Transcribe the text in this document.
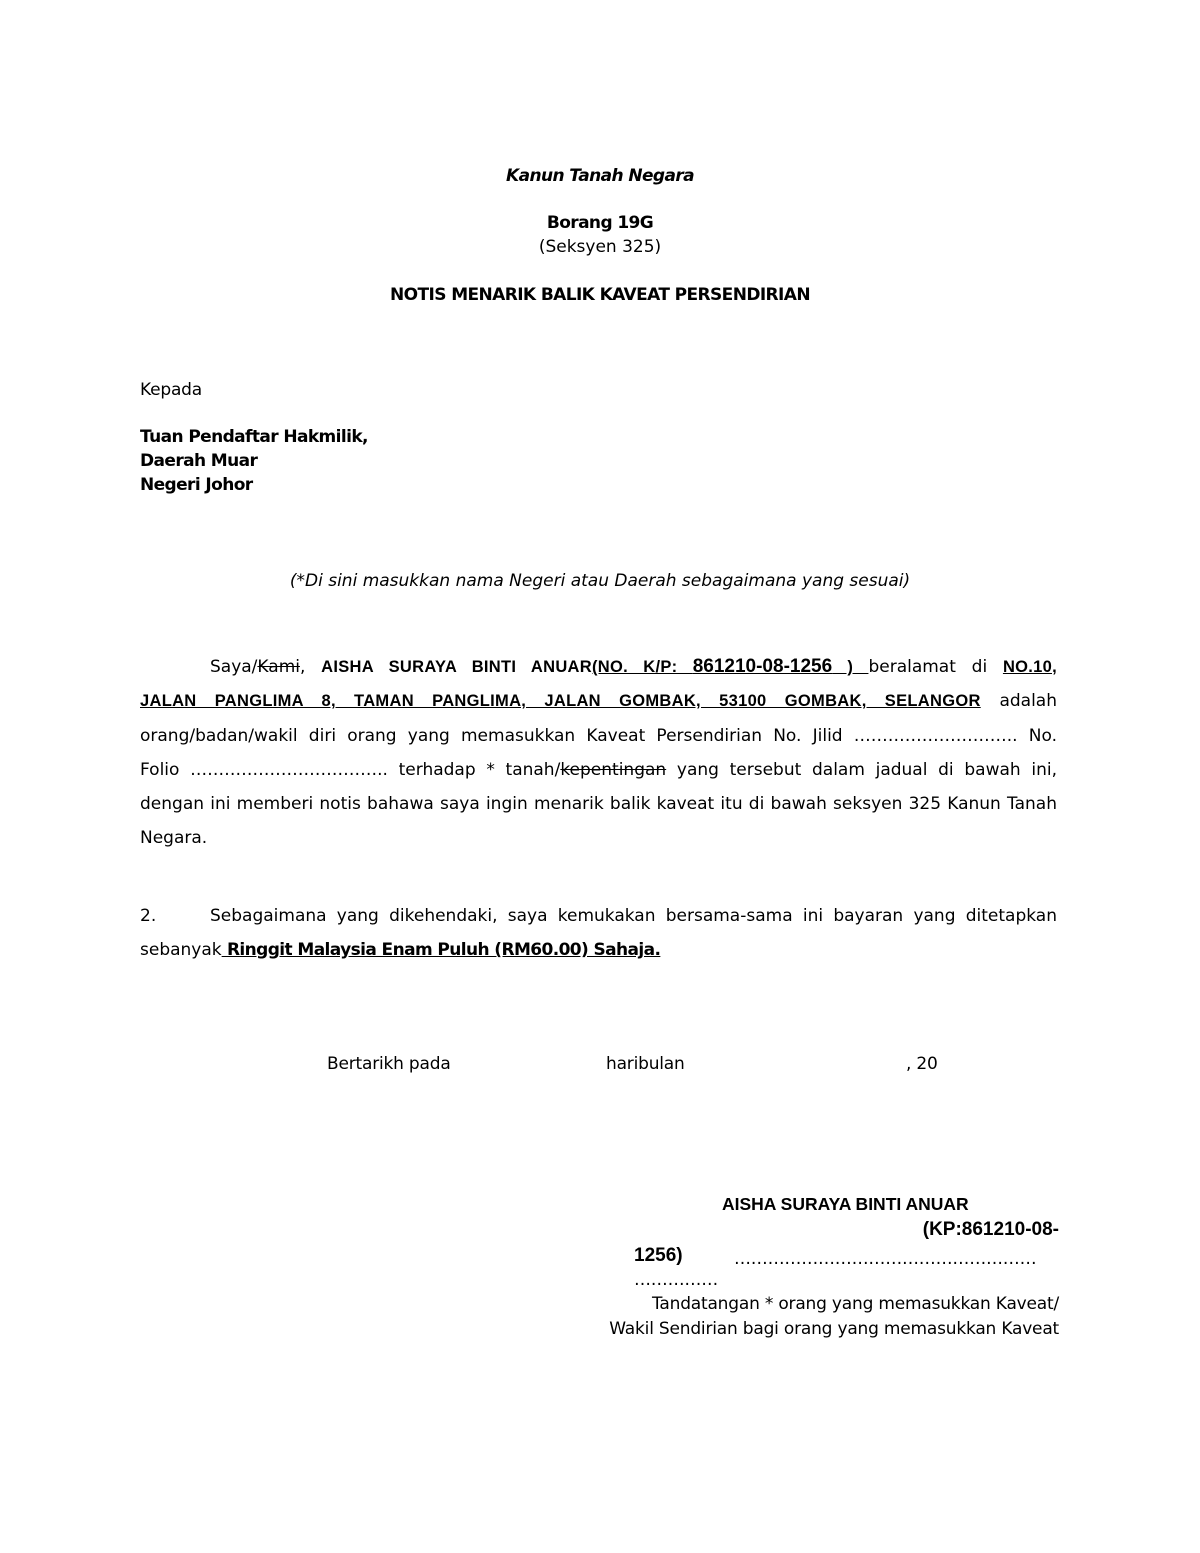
Kanun Tanah Negara
Borang 19G
(Seksyen 325)
NOTIS MENARIK BALIK KAVEAT PERSENDIRIAN
Kepada
Tuan Pendaftar Hakmilik,
Daerah Muar
Negeri Johor
(*Di sini masukkan nama Negeri atau Daerah sebagaimana yang sesuai)
Saya/Kami, AISHA SURAYA BINTI ANUAR(NO. K/P: 861210-08-1256 ) beralamat di NO.10,
JALAN PANGLIMA 8, TAMAN PANGLIMA, JALAN GOMBAK, 53100 GOMBAK, SELANGOR adalah
orang/badan/wakil diri orang yang memasukkan Kaveat Persendirian No. Jilid ……………………….. No.
Folio …………………………….. terhadap * tanah/kepentingan yang tersebut dalam jadual di bawah ini,
dengan ini memberi notis bahawa saya ingin menarik balik kaveat itu di bawah seksyen 325 Kanun Tanah
Negara.
2.	Sebagaimana yang dikehendaki, saya kemukakan bersama-sama ini bayaran yang ditetapkan
sebanyak Ringgit Malaysia Enam Puluh (RM60.00) Sahaja.
Bertarikh pada	haribulan	, 20
AISHA SURAYA BINTI ANUAR
(KP:861210-08-
1256)	………………………………………………
……………
Tandatangan * orang yang memasukkan Kaveat/
Wakil Sendirian bagi orang yang memasukkan Kaveat
